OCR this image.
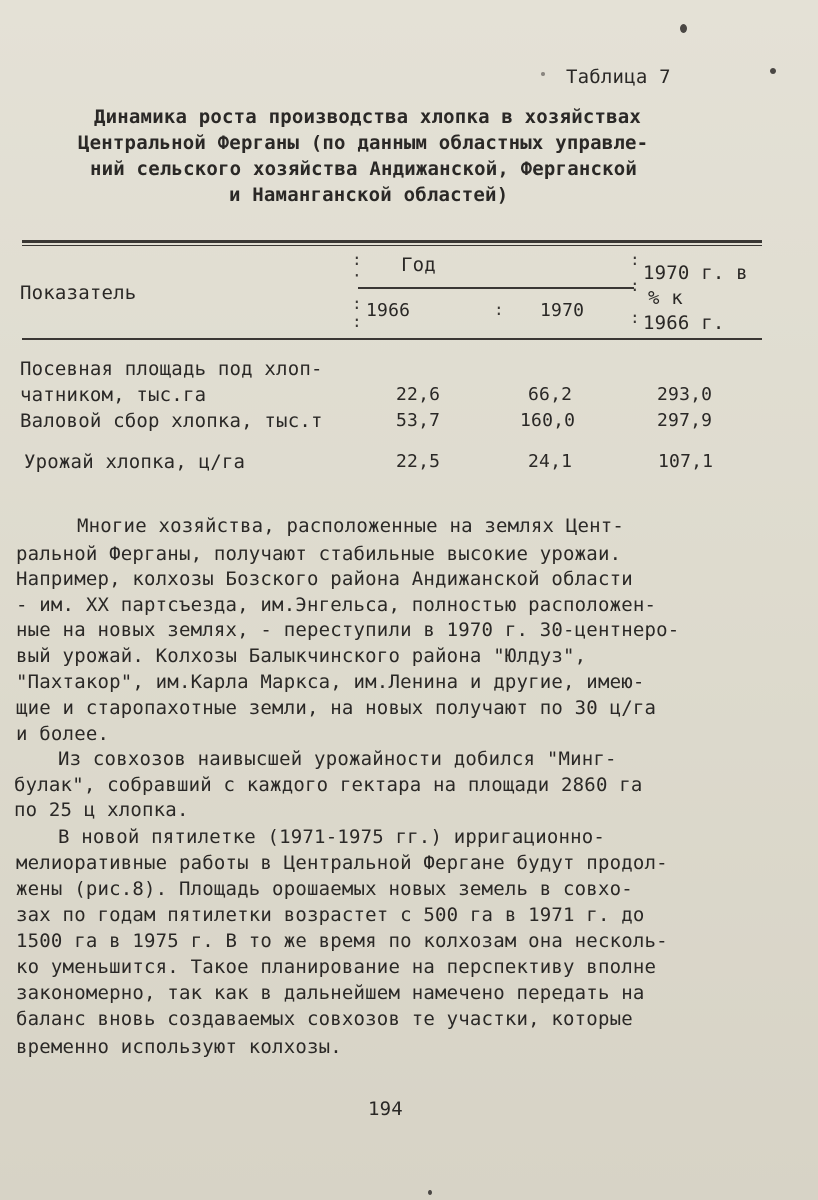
Таблица 7
Динамика роста производства хлопка в хозяйствах
Центральной Ферганы (по данным областных управле-
ний сельского хозяйства Андижанской, Ферганской
и Наманганской областей)
:
·
:
:
:
:
:
:
Показатель
Год
1966	1970
1970 г. в
% к
1966 г.
Посевная площадь под хлоп-
чатником, тыс.га	22,6	66,2	293,0
Валовой сбор хлопка, тыс.т	53,7	160,0	297,9
Урожай хлопка, ц/га	22,5	24,1	107,1
Многие хозяйства, расположенные на землях Цент-
ральной Ферганы, получают стабильные высокие урожаи.
Например, колхозы Бозского района Андижанской области
- им. XX партсъезда, им.Энгельса, полностью расположен-
ные на новых землях, - переступили в 1970 г. 30-центнеро-
вый урожай. Колхозы Балыкчинского района "Юлдуз",
"Пахтакор", им.Карла Маркса, им.Ленина и другие, имею-
щие и старопахотные земли, на новых получают по 30 ц/га
и более.
Из совхозов наивысшей урожайности добился "Минг-
булак", собравший с каждого гектара на площади 2860 га
по 25 ц хлопка.
В новой пятилетке (1971-1975 гг.) ирригационно-
мелиоративные работы в Центральной Фергане будут продол-
жены (рис.8). Площадь орошаемых новых земель в совхо-
зах по годам пятилетки возрастет с 500 га в 1971 г. до
1500 га в 1975 г. В то же время по колхозам она несколь-
ко уменьшится. Такое планирование на перспективу вполне
закономерно, так как в дальнейшем намечено передать на
баланс вновь создаваемых совхозов те участки, которые
временно используют колхозы.
194
